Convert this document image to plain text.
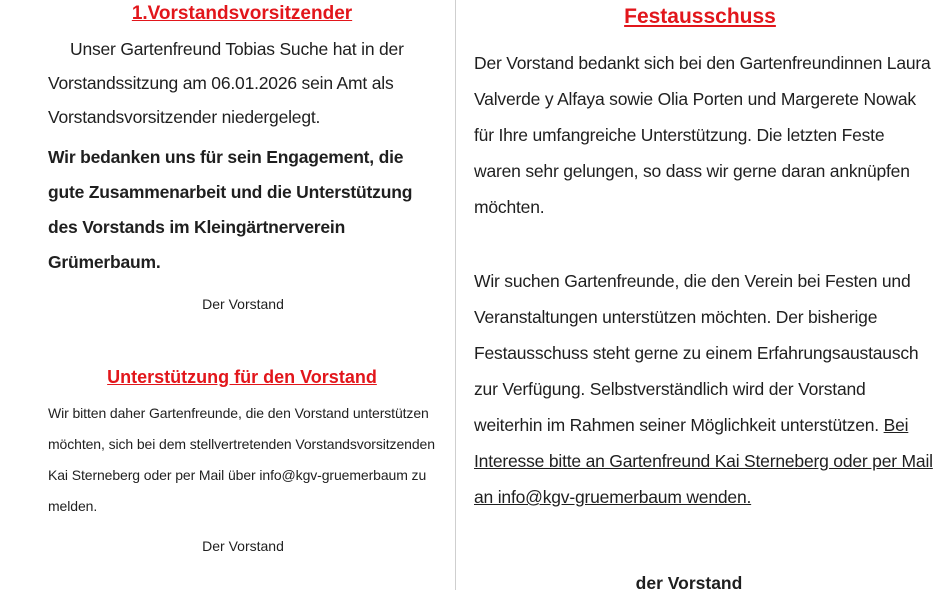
1.Vorstandsvorsitzender

Unser Gartenfreund Tobias Suche hat in der Vorstandssitzung am 06.01.2026 sein Amt als Vorstandsvorsitzender niedergelegt.

Wir bedanken uns für sein Engagement, die gute Zusammenarbeit und die Unterstützung des Vorstands im Kleingärtnerverein Grümerbaum.

Der Vorstand

Unterstützung für den Vorstand

Wir bitten daher Gartenfreunde, die den Vorstand unterstützen möchten, sich bei dem stellvertretenden Vorstandsvorsitzenden Kai Sterneberg oder per Mail über info@kgv-gruemerbaum zu melden.

Der Vorstand

Festausschuss

Der Vorstand bedankt sich bei den Gartenfreundinnen Laura Valverde y Alfaya sowie Olia Porten und Margerete Nowak für Ihre umfangreiche Unterstützung. Die letzten Feste waren sehr gelungen, so dass wir gerne daran anknüpfen möchten.

Wir suchen Gartenfreunde, die den Verein bei Festen und Veranstaltungen unterstützen möchten. Der bisherige Festausschuss steht gerne zu einem Erfahrungsaustausch zur Verfügung. Selbstverständlich wird der Vorstand weiterhin im Rahmen seiner Möglichkeit unterstützen. Bei Interesse bitte an Gartenfreund Kai Sterneberg oder per Mail an info@kgv-gruemerbaum wenden.

der Vorstand
